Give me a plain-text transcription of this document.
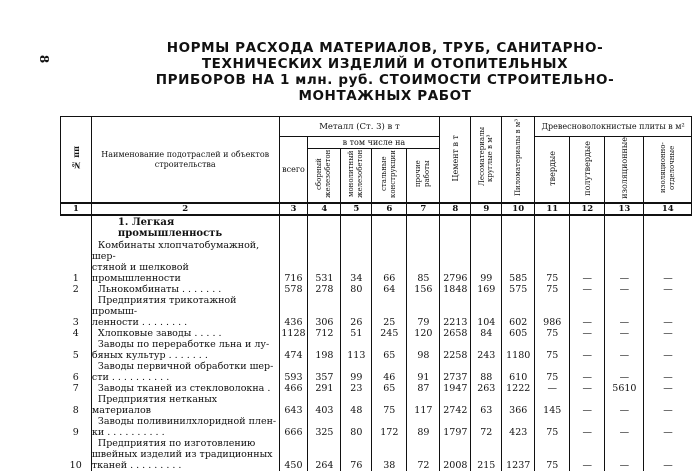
8
НОРМЫ РАСХОДА МАТЕРИАЛОВ, ТРУБ, САНИТАРНО-
ТЕХНИЧЕСКИХ ИЗДЕЛИЙ И ОТОПИТЕЛЬНЫХ
ПРИБОРОВ НА 1 млн. руб. СТОИМОСТИ СТРОИТЕЛЬНО-
МОНТАЖНЫХ РАБОТ
№ пп	Наименование подотраслей и объектов строительства	Металл (Ст. 3) в т					Цемент в т	Лесоматериалы круглые в м³	Пиломатериалы в м³	Древесноволокнистые плиты в м²			
		всего	в том числе на							твердые	полутвердые	изоляционные	изоляционно-отделочные
			сборный железобетон	монолитный железобетон	стальные конструкции	прочие работы							
1	2	3	4	5	6	7	8	9	10	11	12	13	14
	1. Легкая промышленность												
1	Комбинаты хлопчатобумажной, шер-
стяной и шелковой промышленности	716	531	34	66	85	2796	99	585	75	—	—	—
2	Льнокомбинаты . . . . . . .	578	278	80	64	156	1848	169	575	75	—	—	—
3	Предприятия трикотажной промыш-
ленности . . . . . . . .	436	306	26	25	79	2213	104	602	986	—	—	—
4	Хлопковые заводы . . . . .	1128	712	51	245	120	2658	84	605	75	—	—	—
5	Заводы по переработке льна и лу-
бяных культур . . . . . . .	474	198	113	65	98	2258	243	1180	75	—	—	—
6	Заводы первичной обработки шер-
сти . . . . . . . . . .	593	357	99	46	91	2737	88	610	75	—	—	—
7	Заводы тканей из стекловолокна .	466	291	23	65	87	1947	263	1222	—	—	5610	—
8	Предприятия нетканых материалов	643	403	48	75	117	2742	63	366	145	—	—	—
9	Заводы поливинилхлоридной плен-
ки . . . . . . . . . .	666	325	80	172	89	1797	72	423	75	—	—	—
10	Предприятия по изготовлению
швейных изделий из традиционных
тканей . . . . . . . . .	450	264	76	38	72	2008	215	1237	75	—	—	—
